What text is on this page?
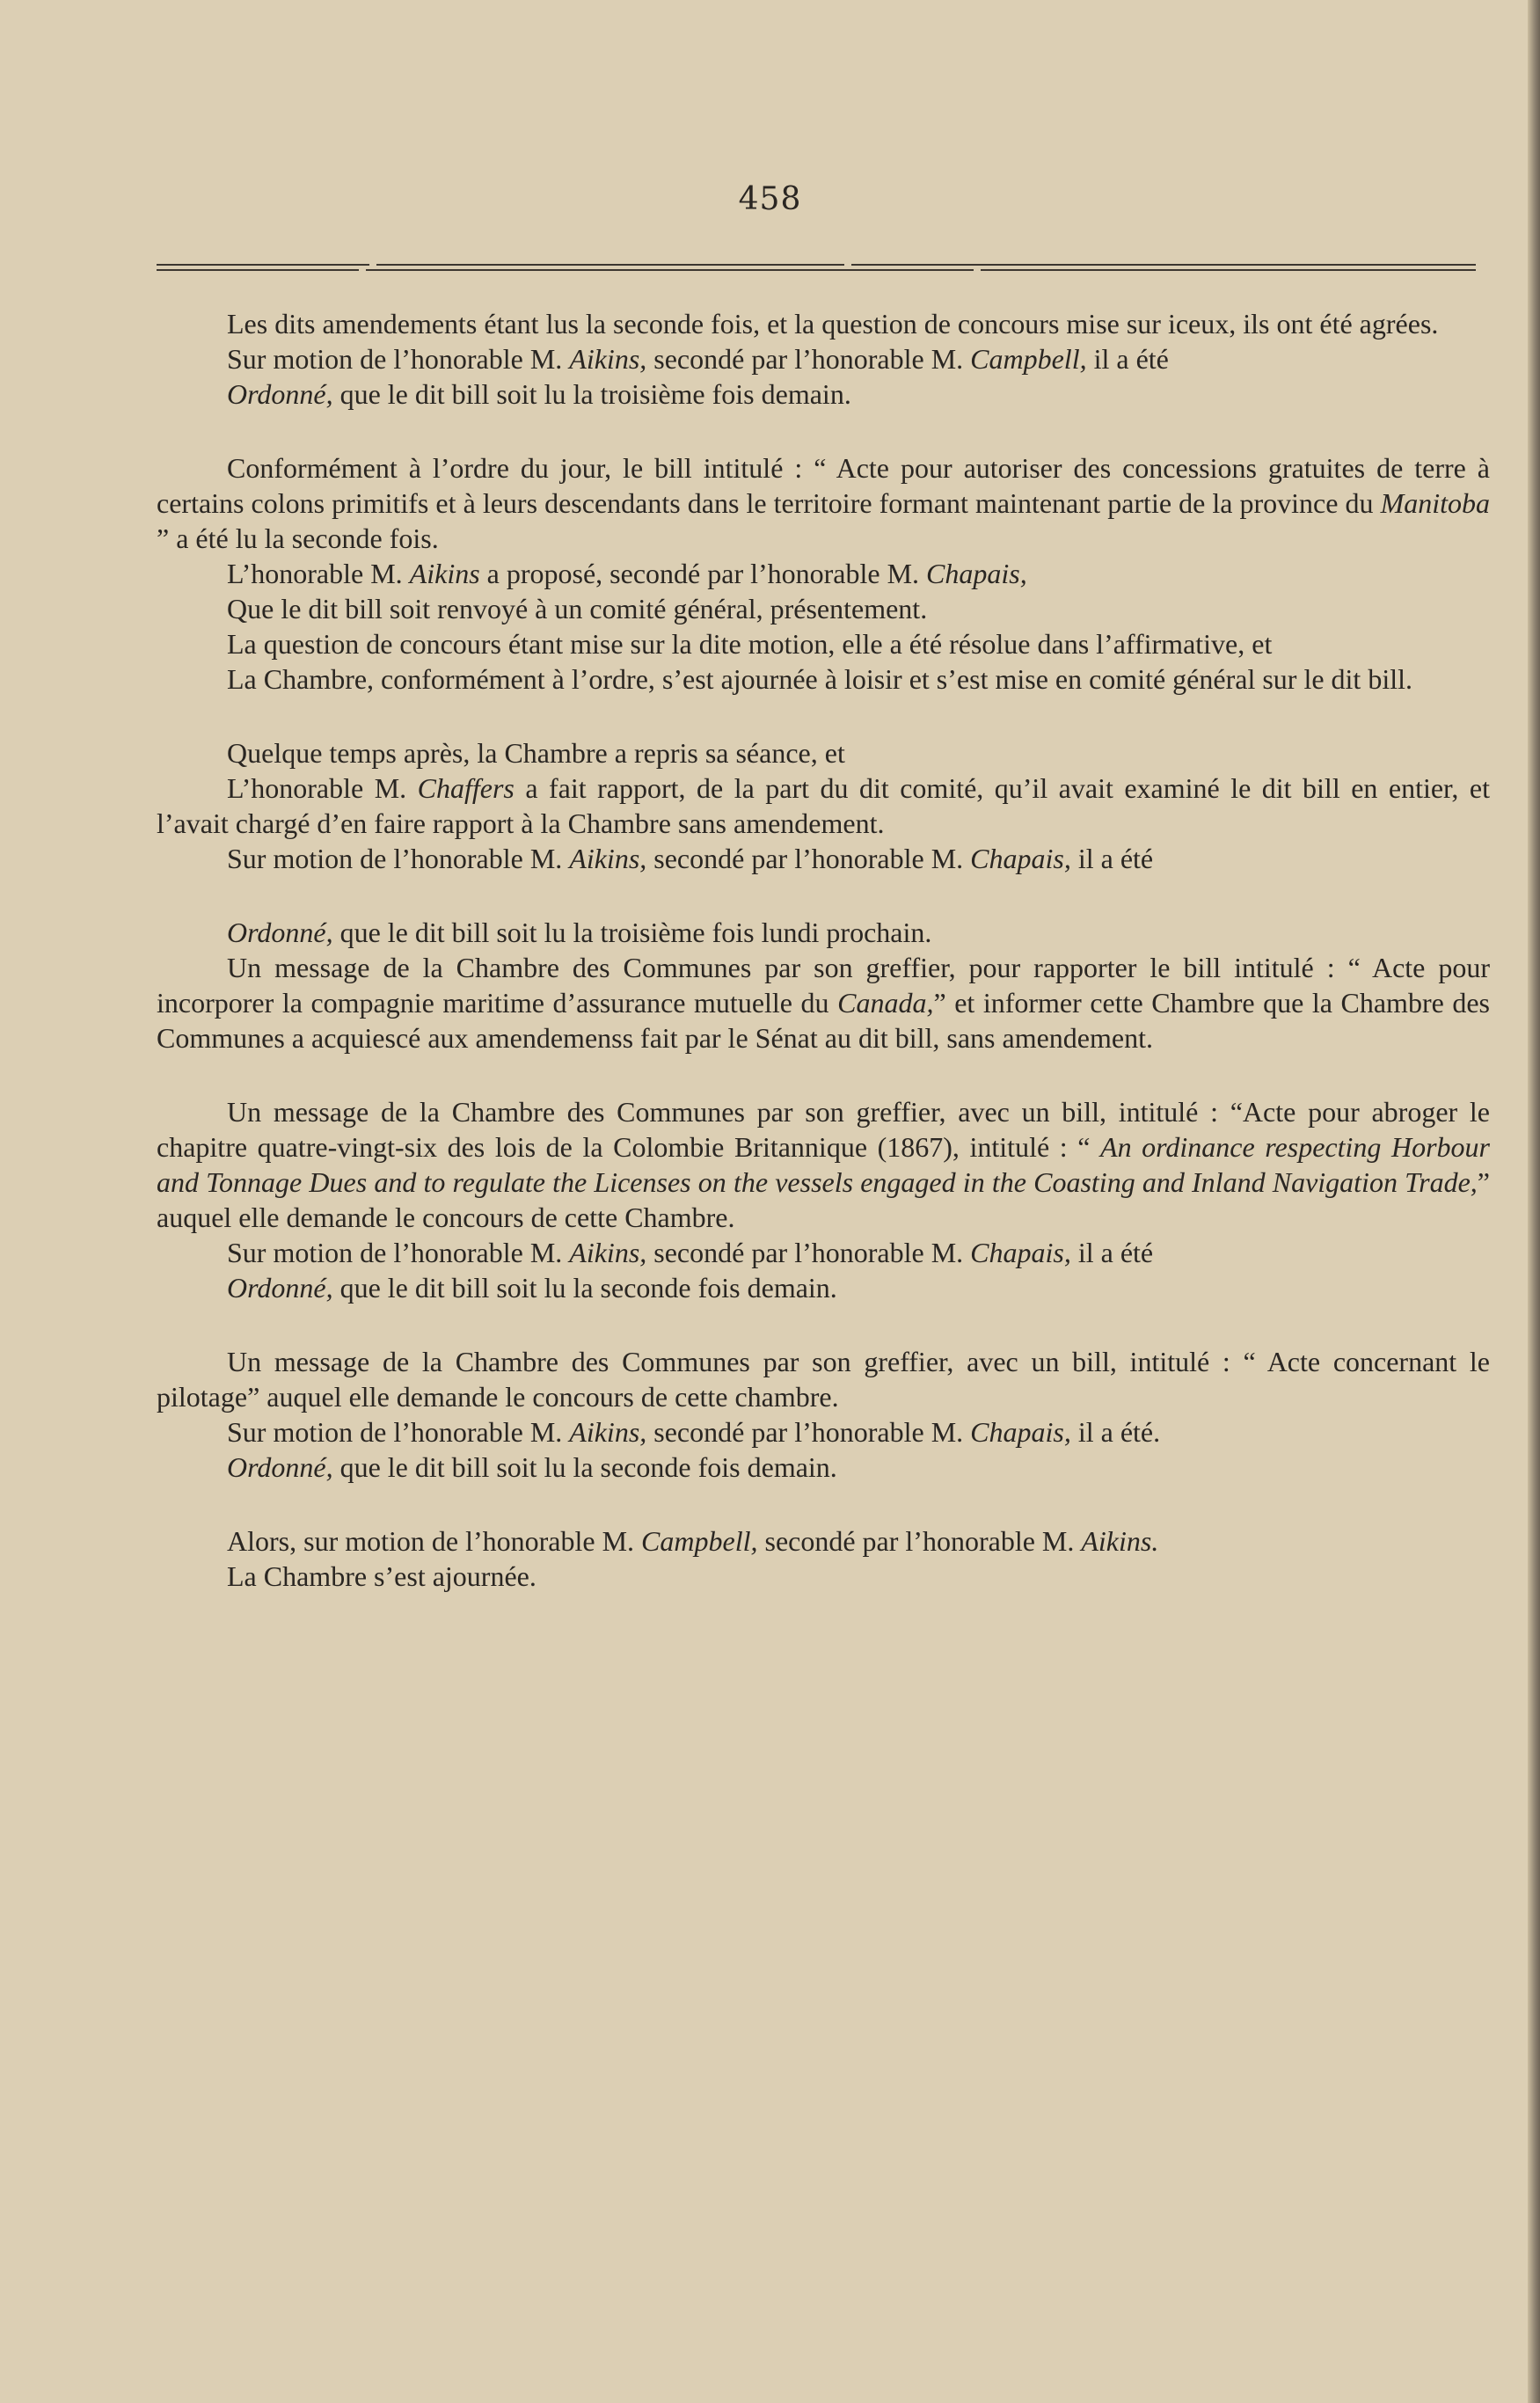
458

Les dits amendements étant lus la seconde fois, et la question de concours mise sur iceux, ils ont été agrées.

Sur motion de l’honorable M. Aikins, secondé par l’honorable M. Campbell, il a été

Ordonné, que le dit bill soit lu la troisième fois demain.

Conformément à l’ordre du jour, le bill intitulé : “ Acte pour autoriser des concessions gratuites de terre à certains colons primitifs et à leurs descendants dans le territoire formant maintenant partie de la province du Manitoba ” a été lu la seconde fois.

L’honorable M. Aikins a proposé, secondé par l’honorable M. Chapais,

Que le dit bill soit renvoyé à un comité général, présentement.

La question de concours étant mise sur la dite motion, elle a été résolue dans l’affirmative, et

La Chambre, conformément à l’ordre, s’est ajournée à loisir et s’est mise en comité général sur le dit bill.

Quelque temps après, la Chambre a repris sa séance, et

L’honorable M. Chaffers a fait rapport, de la part du dit comité, qu’il avait examiné le dit bill en entier, et l’avait chargé d’en faire rapport à la Chambre sans amendement.

Sur motion de l’honorable M. Aikins, secondé par l’honorable M. Chapais, il a été

Ordonné, que le dit bill soit lu la troisième fois lundi prochain.

Un message de la Chambre des Communes par son greffier, pour rapporter le bill intitulé : “ Acte pour incorporer la compagnie maritime d’assurance mutuelle du Canada,” et informer cette Chambre que la Chambre des Communes a acquiescé aux amendemenss fait par le Sénat au dit bill, sans amendement.

Un message de la Chambre des Communes par son greffier, avec un bill, intitulé : “Acte pour abroger le chapitre quatre-vingt-six des lois de la Colombie Britannique (1867), intitulé : “ An ordinance respecting Horbour and Tonnage Dues and to regulate the Licenses on the vessels engaged in the Coasting and Inland Navigation Trade,” auquel elle demande le concours de cette Chambre.

Sur motion de l’honorable M. Aikins, secondé par l’honorable M. Chapais, il a été

Ordonné, que le dit bill soit lu la seconde fois demain.

Un message de la Chambre des Communes par son greffier, avec un bill, intitulé : “ Acte concernant le pilotage” auquel elle demande le concours de cette chambre.

Sur motion de l’honorable M. Aikins, secondé par l’honorable M. Chapais, il a été.

Ordonné, que le dit bill soit lu la seconde fois demain.

Alors, sur motion de l’honorable M. Campbell, secondé par l’honorable M. Aikins.

La Chambre s’est ajournée.
